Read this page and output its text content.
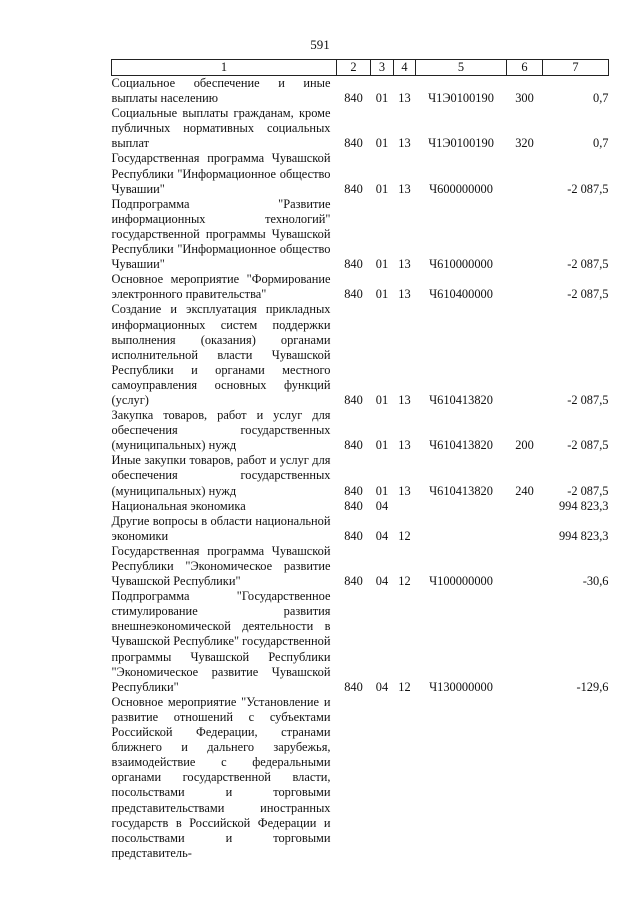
591
1	2	3	4	5	6	7
Социальное обеспечение и иные выплаты населению	840	01	13	Ч1Э0100190	300	0,7
Социальные выплаты гражданам, кроме публичных нормативных социальных выплат	840	01	13	Ч1Э0100190	320	0,7
Государственная программа Чувашской Республики "Информационное общество Чувашии"	840	01	13	Ч600000000		-2 087,5
Подпрограмма "Развитие информационных технологий" государственной программы Чувашской Республики "Информационное общество Чувашии"	840	01	13	Ч610000000		-2 087,5
Основное мероприятие "Формирование электронного правительства"	840	01	13	Ч610400000		-2 087,5
Создание и эксплуатация прикладных информационных систем поддержки выполнения (оказания) органами исполнительной власти Чувашской Республики и органами местного самоуправления основных функций (услуг)	840	01	13	Ч610413820		-2 087,5
Закупка товаров, работ и услуг для обеспечения государственных (муниципальных) нужд	840	01	13	Ч610413820	200	-2 087,5
Иные закупки товаров, работ и услуг для обеспечения государственных (муниципальных) нужд	840	01	13	Ч610413820	240	-2 087,5
Национальная экономика	840	04				994 823,3
Другие вопросы в области национальной экономики	840	04	12			994 823,3
Государственная программа Чувашской Республики "Экономическое развитие Чувашской Республики"	840	04	12	Ч100000000		-30,6
Подпрограмма "Государственное стимулирование развития внешнеэкономической деятельности в Чувашской Республике" государственной программы Чувашской Республики "Экономическое развитие Чувашской Республики"	840	04	12	Ч130000000		-129,6
Основное мероприятие "Установление и развитие отношений с субъектами Российской Федерации, странами ближнего и дальнего зарубежья, взаимодействие с федеральными органами государственной власти, посольствами и торговыми представительствами иностранных государств в Российской Федерации и посольствами и торговыми представитель-						
